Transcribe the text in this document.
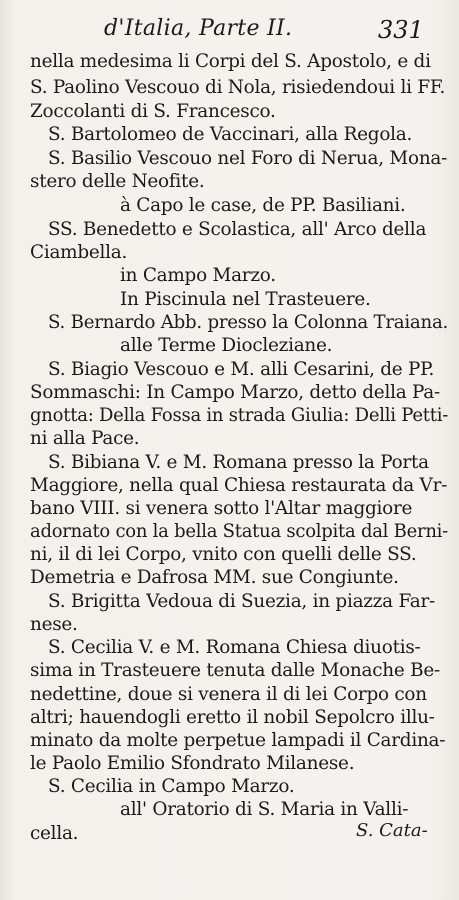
d'Italia, Parte II.	331
nella medesima li Corpi del S. Apostolo, e di
S. Paolino Vescouo di Nola, risiedendoui li FF.
Zoccolanti di S. Francesco.
S. Bartolomeo de Vaccinari, alla Regola.
S. Basilio Vescouo nel Foro di Nerua, Mona-
stero delle Neofite.
à Capo le case, de PP. Basiliani.
SS. Benedetto e Scolastica, all' Arco della
Ciambella.
in Campo Marzo.
In Piscinula nel Trasteuere.
S. Bernardo Abb. presso la Colonna Traiana.
alle Terme Diocleziane.
S. Biagio Vescouo e M. alli Cesarini, de PP.
Sommaschi: In Campo Marzo, detto della Pa-
gnotta: Della Fossa in strada Giulia: Delli Petti-
ni alla Pace.
S. Bibiana V. e M. Romana presso la Porta
Maggiore, nella qual Chiesa restaurata da Vr-
bano VIII. si venera sotto l'Altar maggiore
adornato con la bella Statua scolpita dal Berni-
ni, il di lei Corpo, vnito con quelli delle SS.
Demetria e Dafrosa MM. sue Congiunte.
S. Brigitta Vedoua di Suezia, in piazza Far-
nese.
S. Cecilia V. e M. Romana Chiesa diuotis-
sima in Trasteuere tenuta dalle Monache Be-
nedettine, doue si venera il di lei Corpo con
altri; hauendogli eretto il nobil Sepolcro illu-
minato da molte perpetue lampadi il Cardina-
le Paolo Emilio Sfondrato Milanese.
S. Cecilia in Campo Marzo.
all' Oratorio di S. Maria in Valli-
cella.	S. Cata-
